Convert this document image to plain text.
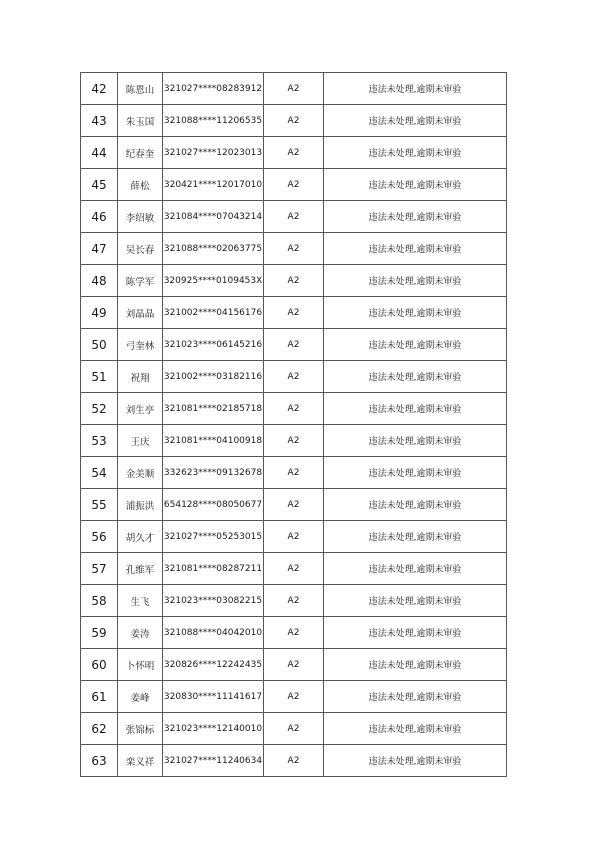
42	陈恩山	321027****08283912	A2	违法未处理,逾期未审验
43	朱玉国	321088****11206535	A2	违法未处理,逾期未审验
44	纪春奎	321027****12023013	A2	违法未处理,逾期未审验
45	薛松	320421****12017010	A2	违法未处理,逾期未审验
46	李绍敏	321084****07043214	A2	违法未处理,逾期未审验
47	吴长春	321088****02063775	A2	违法未处理,逾期未审验
48	陈学军	320925****0109453X	A2	违法未处理,逾期未审验
49	刘晶晶	321002****04156176	A2	违法未处理,逾期未审验
50	弓奎林	321023****06145216	A2	违法未处理,逾期未审验
51	祝翔	321002****03182116	A2	违法未处理,逾期未审验
52	刘生亭	321081****02185718	A2	违法未处理,逾期未审验
53	王庆	321081****04100918	A2	违法未处理,逾期未审验
54	金美顺	332623****09132678	A2	违法未处理,逾期未审验
55	浦振洪	654128****08050677	A2	违法未处理,逾期未审验
56	胡久才	321027****05253015	A2	违法未处理,逾期未审验
57	孔维军	321081****08287211	A2	违法未处理,逾期未审验
58	生飞	321023****03082215	A2	违法未处理,逾期未审验
59	姜涛	321088****04042010	A2	违法未处理,逾期未审验
60	卜怀明	320826****12242435	A2	违法未处理,逾期未审验
61	姜峰	320830****11141617	A2	违法未处理,逾期未审验
62	张锦标	321023****12140010	A2	违法未处理,逾期未审验
63	栾义祥	321027****11240634	A2	违法未处理,逾期未审验
